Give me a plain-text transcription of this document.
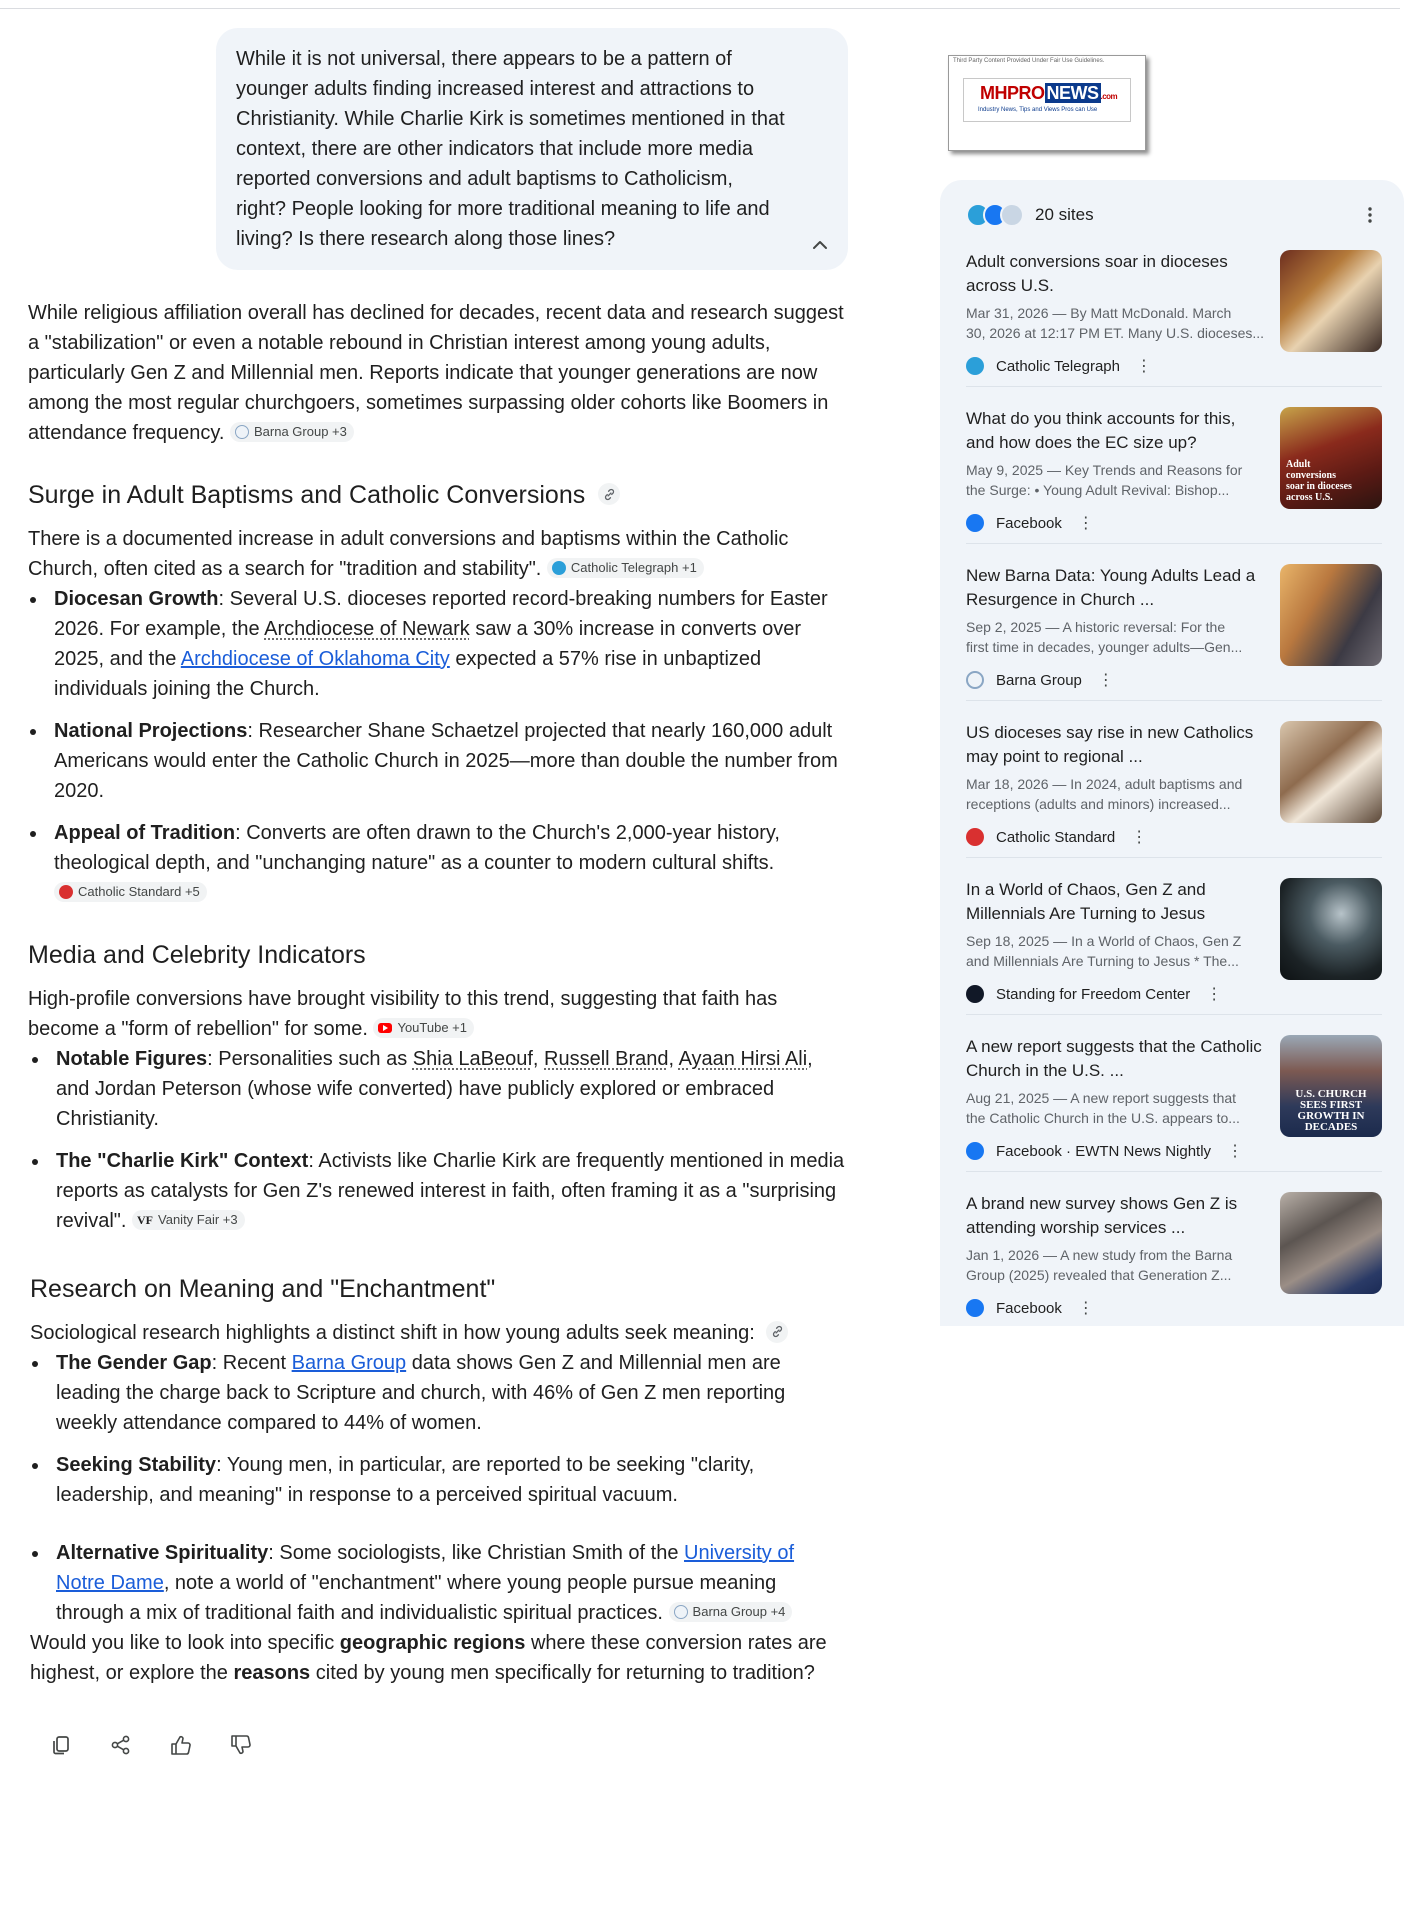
While it is not universal, there appears to be a pattern of younger adults finding increased interest and attractions to Christianity. While Charlie Kirk is sometimes mentioned in that context, there are other indicators that include more media reported conversions and adult baptisms to Catholicism, right? People looking for more traditional meaning to life and living? Is there research along those lines?

While religious affiliation overall has declined for decades, recent data and research suggest a "stabilization" or even a notable rebound in Christian interest among young adults, particularly Gen Z and Millennial men. Reports indicate that younger generations are now among the most regular churchgoers, sometimes surpassing older cohorts like Boomers in attendance frequency. Barna Group +3

Surge in Adult Baptisms and Catholic Conversions

There is a documented increase in adult conversions and baptisms within the Catholic Church, often cited as a search for "tradition and stability". Catholic Telegraph +1

Diocesan Growth: Several U.S. dioceses reported record-breaking numbers for Easter 2026. For example, the Archdiocese of Newark saw a 30% increase in converts over 2025, and the Archdiocese of Oklahoma City expected a 57% rise in unbaptized individuals joining the Church.
National Projections: Researcher Shane Schaetzel projected that nearly 160,000 adult Americans would enter the Catholic Church in 2025—more than double the number from 2020.
Appeal of Tradition: Converts are often drawn to the Church's 2,000-year history, theological depth, and "unchanging nature" as a counter to modern cultural shifts.
Catholic Standard +5
Media and Celebrity Indicators

High-profile conversions have brought visibility to this trend, suggesting that faith has become a "form of rebellion" for some. YouTube +1

Notable Figures: Personalities such as Shia LaBeouf, Russell Brand, Ayaan Hirsi Ali, and Jordan Peterson (whose wife converted) have publicly explored or embraced Christianity.
The "Charlie Kirk" Context: Activists like Charlie Kirk are frequently mentioned in media reports as catalysts for Gen Z's renewed interest in faith, often framing it as a "surprising revival". VF Vanity Fair +3
Research on Meaning and "Enchantment"

Sociological research highlights a distinct shift in how young adults seek meaning:

The Gender Gap: Recent Barna Group data shows Gen Z and Millennial men are leading the charge back to Scripture and church, with 46% of Gen Z men reporting weekly attendance compared to 44% of women.
Seeking Stability: Young men, in particular, are reported to be seeking "clarity, leadership, and meaning" in response to a perceived spiritual vacuum.
Alternative Spirituality: Some sociologists, like Christian Smith of the University of Notre Dame, note a world of "enchantment" where young people pursue meaning through a mix of traditional faith and individualistic spiritual practices. Barna Group +4

Would you like to look into specific geographic regions where these conversion rates are highest, or explore the reasons cited by young men specifically for returning to tradition?

Third Party Content Provided Under Fair Use Guidelines.
MHPRO NEWS .com
Industry News, Tips and Views Pros can Use
20 sites
Adult conversions soar in dioceses across U.S.
Mar 31, 2026 — By Matt McDonald. March
30, 2026 at 12:17 PM ET. Many U.S. dioceses...
Catholic Telegraph ⋮
What do you think accounts for this, and how does the EC size up?
May 9, 2025 — Key Trends and Reasons for
the Surge: • Young Adult Revival: Bishop...
Facebook ⋮
Adult conversions soar in dioceses across U.S.
New Barna Data: Young Adults Lead a Resurgence in Church ...
Sep 2, 2025 — A historic reversal: For the
first time in decades, younger adults—Gen...
Barna Group ⋮
US dioceses say rise in new Catholics may point to regional ...
Mar 18, 2026 — In 2024, adult baptisms and
receptions (adults and minors) increased...
Catholic Standard ⋮
In a World of Chaos, Gen Z and Millennials Are Turning to Jesus
Sep 18, 2025 — In a World of Chaos, Gen Z
and Millennials Are Turning to Jesus * The...
Standing for Freedom Center ⋮
A new report suggests that the Catholic Church in the U.S. ...
Aug 21, 2025 — A new report suggests that
the Catholic Church in the U.S. appears to...
Facebook · EWTN News Nightly ⋮
U.S. CHURCH SEES FIRST GROWTH IN DECADES
A brand new survey shows Gen Z is attending worship services ...
Jan 1, 2026 — A new study from the Barna
Group (2025) revealed that Generation Z...
Facebook ⋮
